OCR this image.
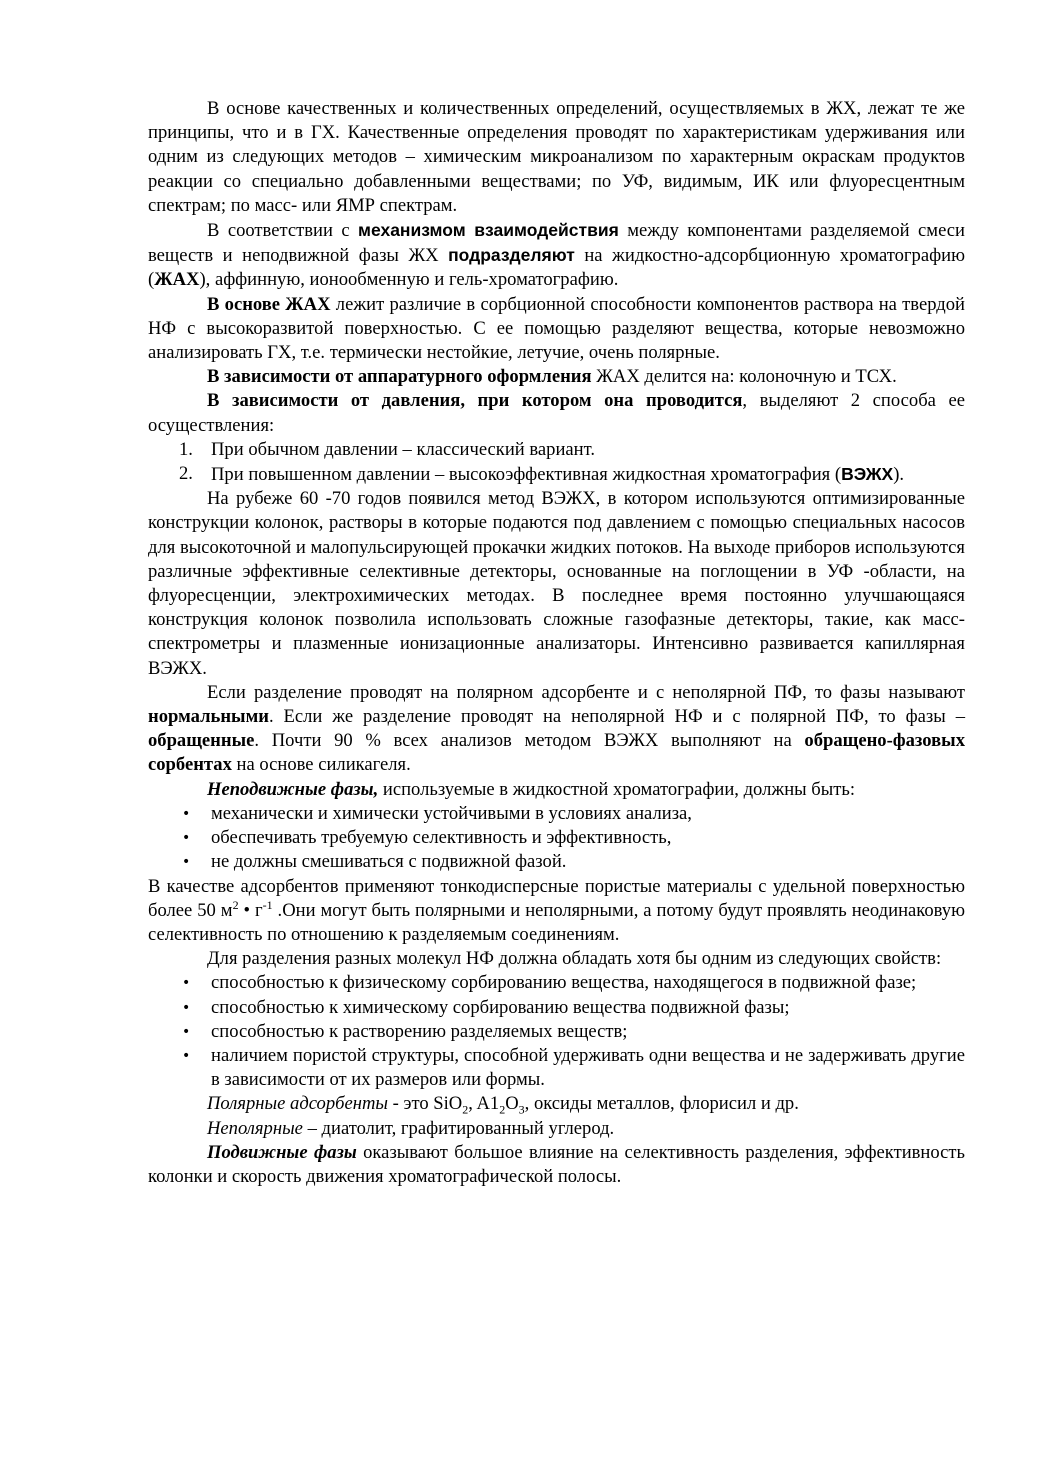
В основе качественных и количественных определений, осуществляемых в ЖХ, лежат те же принципы, что и в ГХ. Качественные определения проводят по характеристикам удерживания или одним из следующих методов – химическим микроанализом по характерным окраскам продуктов реакции со специально добавленными веществами; по УФ, видимым, ИК или флуоресцентным спектрам; по масс- или ЯМР спектрам.

В соответствии с механизмом взаимодействия между компонентами разделяемой смеси веществ и неподвижной фазы ЖХ подразделяют на жидкостно-адсорбционную хроматографию (ЖАХ), аффинную, ионообменную и гель-хроматографию.

В основе ЖАХ лежит различие в сорбционной способности компонентов раствора на твердой НФ с высокоразвитой поверхностью. С ее помощью разделяют вещества, которые невозможно анализировать ГХ, т.е. термически нестойкие, летучие, очень полярные.

В зависимости от аппаратурного оформления ЖАХ делится на: колоночную и ТСХ.

В зависимости от давления, при котором она проводится, выделяют 2 способа ее осуществления:

1. При обычном давлении – классический вариант.
2. При повышенном давлении – высокоэффективная жидкостная хроматография (ВЭЖХ).

На рубеже 60 -70 годов появился метод ВЭЖХ, в котором используются оптимизированные конструкции колонок, растворы в которые подаются под давлением с помощью специальных насосов для высокоточной и малопульсирующей прокачки жидких потоков. На выходе приборов используются различные эффективные селективные детекторы, основанные на поглощении в УФ -области, на флуоресценции, электрохимических методах. В последнее время постоянно улучшающаяся конструкция колонок позволила использовать сложные газофазные детекторы, такие, как масс-спектрометры и плазменные ионизационные анализаторы. Интенсивно развивается капиллярная ВЭЖХ.

Если разделение проводят на полярном адсорбенте и с неполярной ПФ, то фазы называют нормальными. Если же разделение проводят на неполярной НФ и с полярной ПФ, то фазы – обращенные. Почти 90 % всех анализов методом ВЭЖХ выполняют на обращено-фазовых сорбентах на основе силикагеля.

Неподвижные фазы, используемые в жидкостной хроматографии, должны быть:

• механически и химически устойчивыми в условиях анализа,
• обеспечивать требуемую селективность и эффективность,
• не должны смешиваться с подвижной фазой.

В качестве адсорбентов применяют тонкодисперсные пористые материалы с удельной поверхностью более 50 $м^2$ • $г^{-1}$ .Они могут быть полярными и неполярными, а потому будут проявлять неодинаковую селективность по отношению к разделяемым соединениям.

Для разделения разных молекул НФ должна обладать хотя бы одним из следующих свойств:

• способностью к физическому сорбированию вещества, находящегося в подвижной фазе;
• способностью к химическому сорбированию вещества подвижной фазы;
• способностью к растворению разделяемых веществ;
• наличием пористой структуры, способной удерживать одни вещества и не задерживать другие в зависимости от их размеров или формы.

Полярные адсорбенты - это SiO$_2$, $A1_2O_3$, оксиды металлов, флорисил и др.

Неполярные – диатолит, графитированный углерод.

Подвижные фазы оказывают большое влияние на селективность разделения, эффективность колонки и скорость движения хроматографической полосы.
